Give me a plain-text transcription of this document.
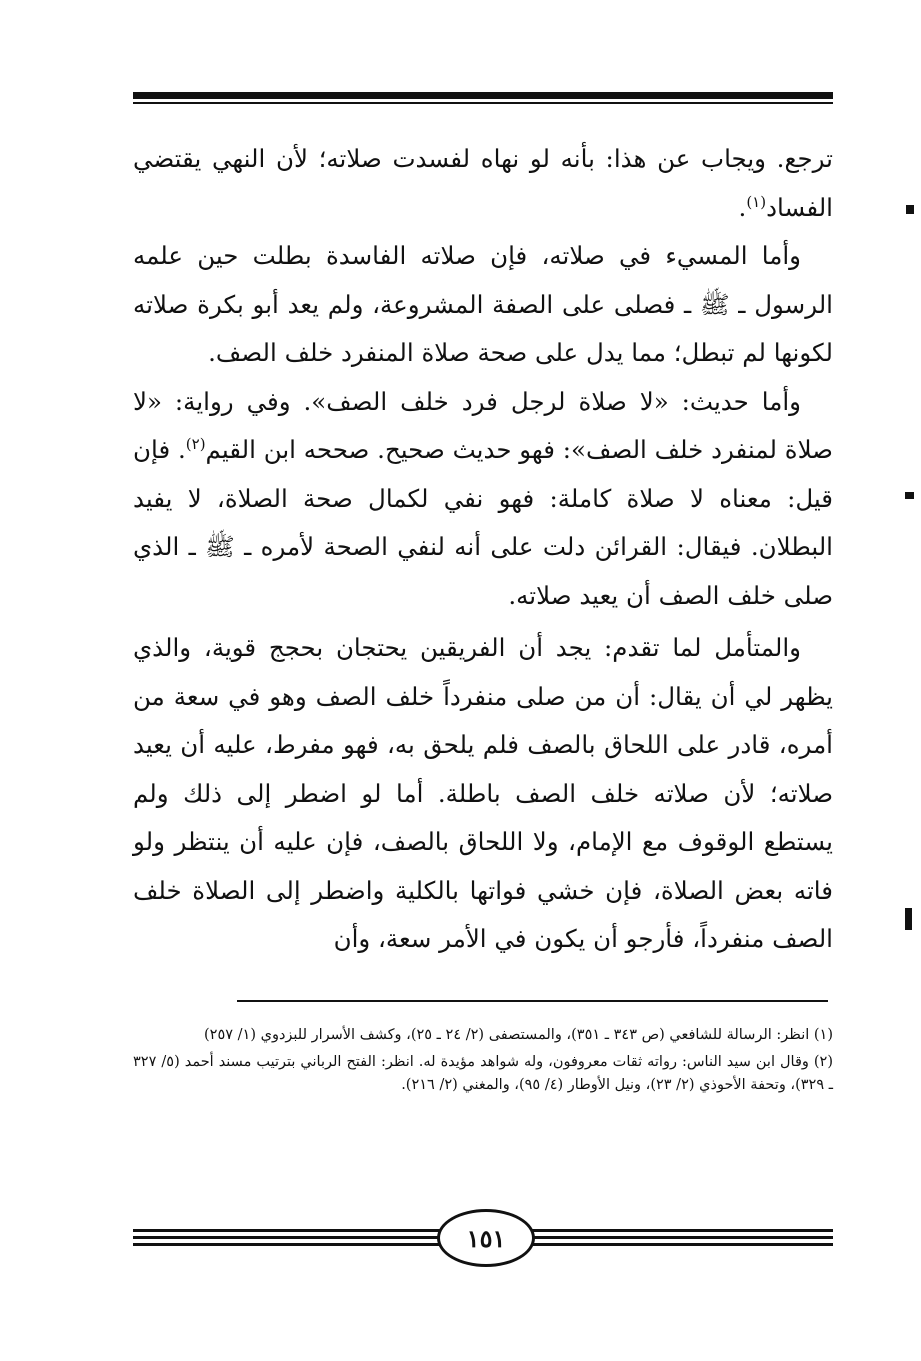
ترجع. ويجاب عن هذا: بأنه لو نهاه لفسدت صلاته؛ لأن النهي يقتضي الفساد$^{(١)}$.

وأما المسيء في صلاته، فإن صلاته الفاسدة بطلت حين علمه الرسول ـ ﷺ ـ فصلى على الصفة المشروعة، ولم يعد أبو بكرة صلاته لكونها لم تبطل؛ مما يدل على صحة صلاة المنفرد خلف الصف.

وأما حديث: «لا صلاة لرجل فرد خلف الصف». وفي رواية: «لا صلاة لمنفرد خلف الصف»: فهو حديث صحيح. صححه ابن القيم$^{(٢)}$. فإن قيل: معناه لا صلاة كاملة: فهو نفي لكمال صحة الصلاة، لا يفيد البطلان. فيقال: القرائن دلت على أنه لنفي الصحة لأمره ـ ﷺ ـ الذي صلى خلف الصف أن يعيد صلاته.

والمتأمل لما تقدم: يجد أن الفريقين يحتجان بحجج قوية، والذي يظهر لي أن يقال: أن من صلى منفرداً خلف الصف وهو في سعة من أمره، قادر على اللحاق بالصف فلم يلحق به، فهو مفرط، عليه أن يعيد صلاته؛ لأن صلاته خلف الصف باطلة. أما لو اضطر إلى ذلك ولم يستطع الوقوف مع الإمام، ولا اللحاق بالصف، فإن عليه أن ينتظر ولو فاته بعض الصلاة، فإن خشي فواتها بالكلية واضطر إلى الصلاة خلف الصف منفرداً، فأرجو أن يكون في الأمر سعة، وأن

(١) انظر: الرسالة للشافعي (ص ٣٤٣ ـ ٣٥١)، والمستصفى (٢/ ٢٤ ـ ٢٥)، وكشف الأسرار للبزدوي (١/ ٢٥٧)

(٢) وقال ابن سيد الناس: رواته ثقات معروفون، وله شواهد مؤيدة له. انظر: الفتح الرباني بترتيب مسند أحمد (٥/ ٣٢٧ ـ ٣٢٩)، وتحفة الأحوذي (٢/ ٢٣)، ونيل الأوطار (٤/ ٩٥)، والمغني (٢/ ٢١٦).

١٥١
